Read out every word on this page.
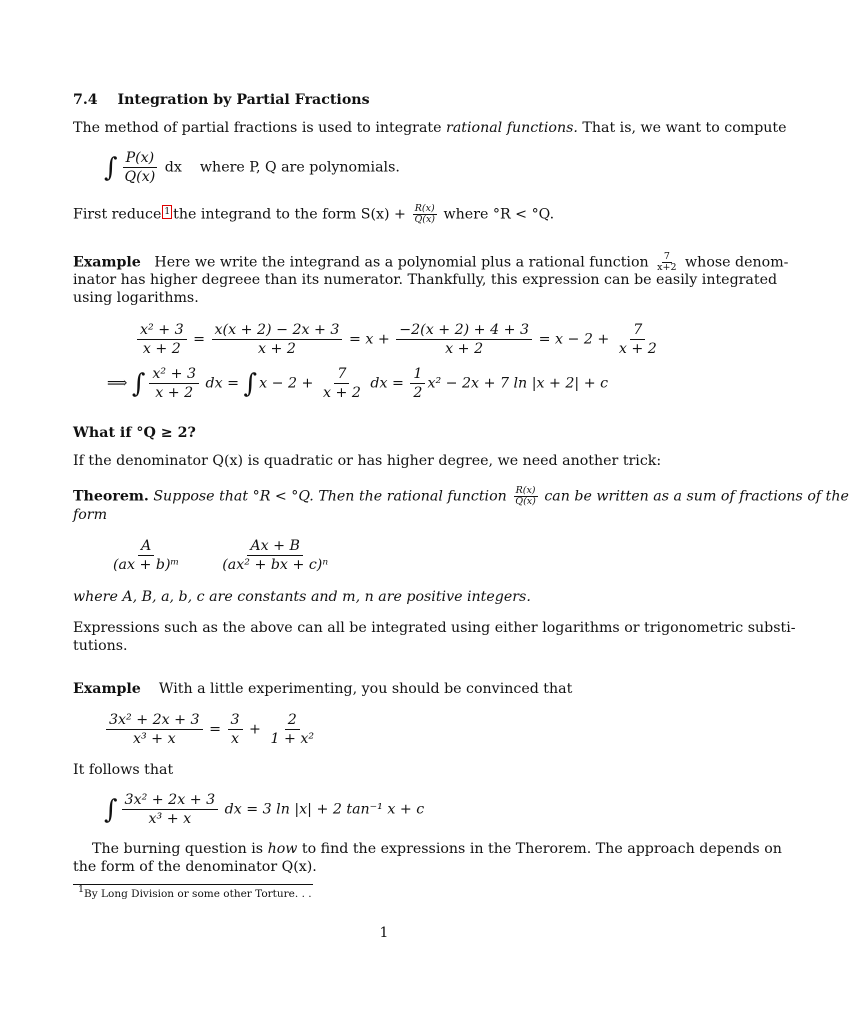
7.4 Integration by Partial Fractions
The method of partial fractions is used to integrate rational functions. That is, we want to compute
∫ $\frac{P(x)}{Q(x)}$ dx where P, Q are polynomials.
First reduce 1 the integrand to the form $S(x) + \frac{R(x)}{Q(x)}$ where °R < °Q.
Example Here we write the integrand as a polynomial plus a rational function $\frac{7}{x+2}$ whose denom-
inator has higher degreee than its numerator. Thankfully, this expression can be easily integrated
using logarithms.
$\frac{\text{x² + 3}}{x + 2} = \frac{x(x + 2) - 2x + 3}{x + 2} = x + \frac{-2(x + 2) + 4 + 3}{x + 2} = x - 2 + \frac{7}{x + 2}$
⟹ ∫ $\frac{\text{x² + 3}}{x + 2}$ dx = ∫ $x - 2 + \frac{7}{x + 2}$ dx = $\frac{1}{2} x^2 - 2x + 7$ ln |x + 2| + c
What if °Q ≥ 2?
If the denominator Q(x) is quadratic or has higher degree, we need another trick:
Theorem. Suppose that °R < °Q. Then the rational function $\frac{R(x)}{Q(x)}$ can be written as a sum of fractions of the
form
$\frac{A}{\text{(ax + b)ᵐ}}$
	$\frac{Ax + B}{\text{(ax² + bx + c)ⁿ}}$
where A, B, a, b, c are constants and m, n are positive integers.
Expressions such as the above can all be integrated using either logarithms or trigonometric substi-
tutions.
Example With a little experimenting, you should be convinced that
$\frac{\text{3x² + 2x + 3}}{\text{x³ + x}} = \frac{3}{x} + \frac{2}{\text{1 + x²}}$
It follows that
∫ $\frac{\text{3x² + 2x + 3}}{\text{x³ + x}}$ dx = 3 ln |x| + 2 tan⁻¹ x + c
The burning question is how to find the expressions in the Therorem. The approach depends on
the form of the denominator Q(x).
$^1$By Long Division or some other Torture. . .
1
